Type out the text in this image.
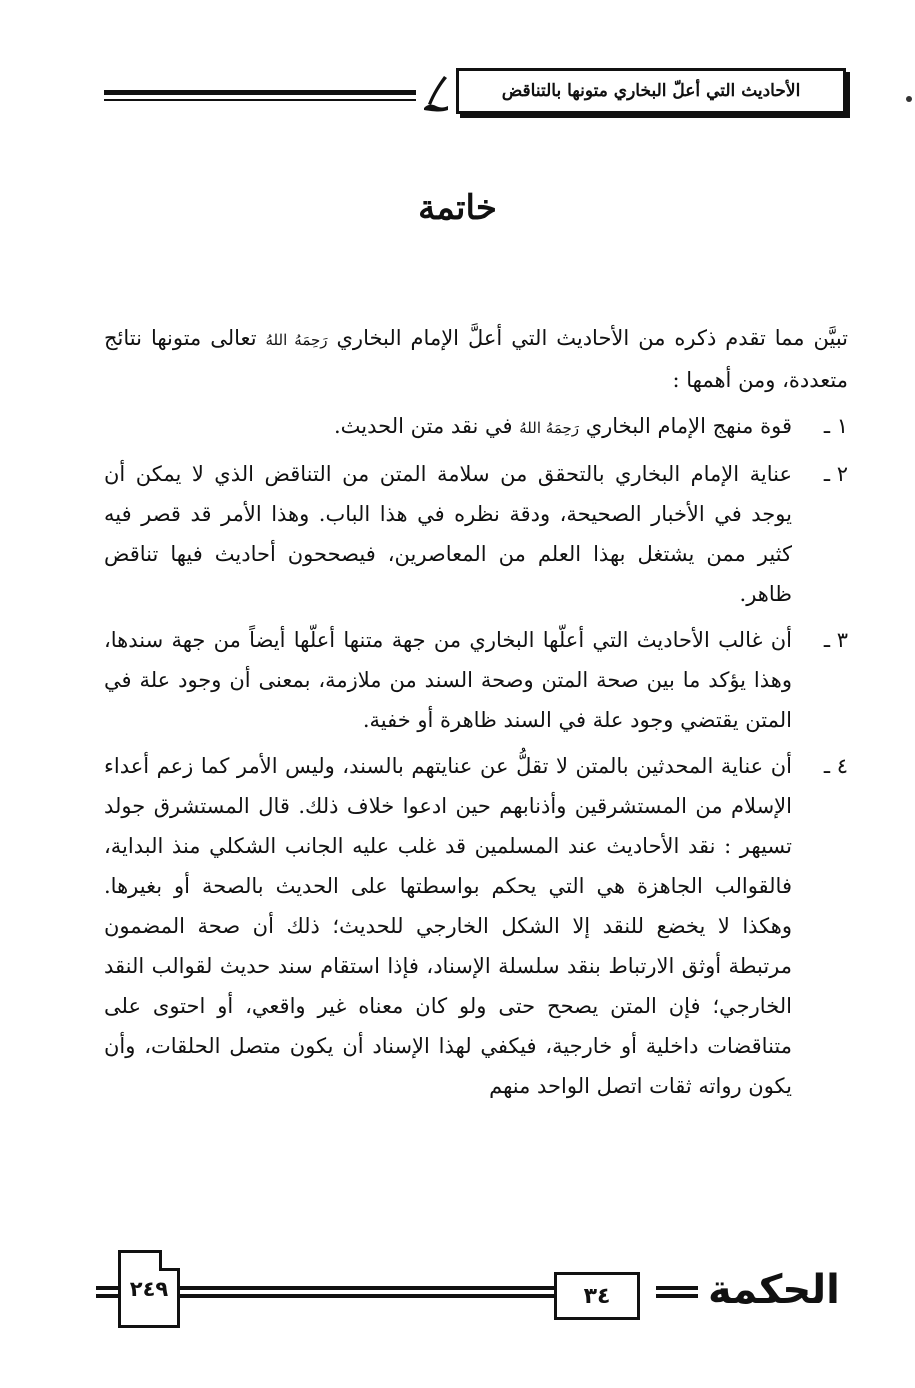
الأحاديث التي أعلّ البخاري متونها بالتناقض
خاتمة

تبيَّن مما تقدم ذكره من الأحاديث التي أعلَّ الإمام البخاري رَحِمَهُ اللهُ تعالى متونها نتائج متعددة، ومن أهمها :

١ ـ
قوة منهج الإمام البخاري رَحِمَهُ اللهُ في نقد متن الحديث.
٢ ـ
عناية الإمام البخاري بالتحقق من سلامة المتن من التناقض الذي لا يمكن أن يوجد في الأخبار الصحيحة، ودقة نظره في هذا الباب. وهذا الأمر قد قصر فيه كثير ممن يشتغل بهذا العلم من المعاصرين، فيصححون أحاديث فيها تناقض ظاهر.
٣ ـ
أن غالب الأحاديث التي أعلّها البخاري من جهة متنها أعلّها أيضاً من جهة سندها، وهذا يؤكد ما بين صحة المتن وصحة السند من ملازمة، بمعنى أن وجود علة في المتن يقتضي وجود علة في السند ظاهرة أو خفية.
٤ ـ
أن عناية المحدثين بالمتن لا تقلُّ عن عنايتهم بالسند، وليس الأمر كما زعم أعداء الإسلام من المستشرقين وأذنابهم حين ادعوا خلاف ذلك. قال المستشرق جولد تسيهر : نقد الأحاديث عند المسلمين قد غلب عليه الجانب الشكلي منذ البداية، فالقوالب الجاهزة هي التي يحكم بواسطتها على الحديث بالصحة أو بغيرها. وهكذا لا يخضع للنقد إلا الشكل الخارجي للحديث؛ ذلك أن صحة المضمون مرتبطة أوثق الارتباط بنقد سلسلة الإسناد، فإذا استقام سند حديث لقوالب النقد الخارجي؛ فإن المتن يصحح حتى ولو كان معناه غير واقعي، أو احتوى على متناقضات داخلية أو خارجية، فيكفي لهذا الإسناد أن يكون متصل الحلقات، وأن يكون رواته ثقات اتصل الواحد منهم
٢٤٩	٣٤ الحكمة
